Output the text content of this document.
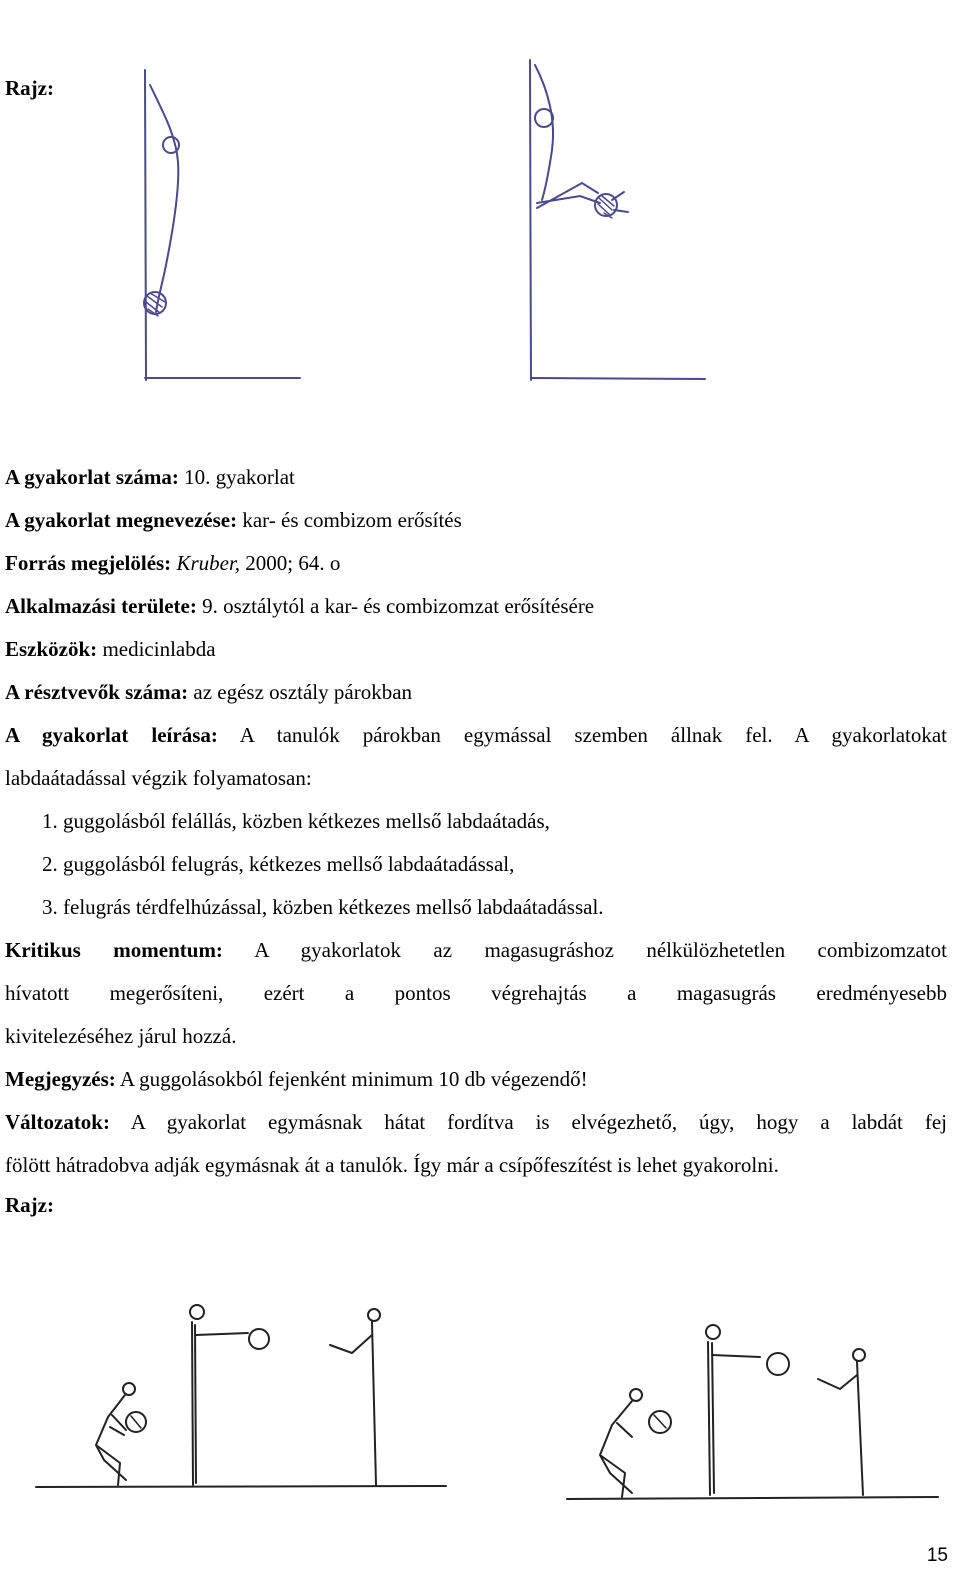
Rajz:
A gyakorlat száma: 10. gyakorlat
A gyakorlat megnevezése: kar- és combizom erősítés
Forrás megjelölés: Kruber, 2000; 64. o
Alkalmazási területe: 9. osztálytól a kar- és combizomzat erősítésére
Eszközök: medicinlabda
A résztvevők száma: az egész osztály párokban
A gyakorlat leírása: A tanulók párokban egymással szemben állnak fel. A gyakorlatokat
labdaátadással végzik folyamatosan:
1. guggolásból felállás, közben kétkezes mellső labdaátadás,
2. guggolásból felugrás, kétkezes mellső labdaátadással,
3. felugrás térdfelhúzással, közben kétkezes mellső labdaátadással.
Kritikus momentum: A gyakorlatok az magasugráshoz nélkülözhetetlen combizomzatot
hívatott megerősíteni, ezért a pontos végrehajtás a magasugrás eredményesebb
kivitelezéséhez járul hozzá.
Megjegyzés: A guggolásokból fejenként minimum 10 db végezendő!
Változatok: A gyakorlat egymásnak hátat fordítva is elvégezhető, úgy, hogy a labdát fej
fölött hátradobva adják egymásnak át a tanulók. Így már a csípőfeszítést is lehet gyakorolni.
Rajz:
15
